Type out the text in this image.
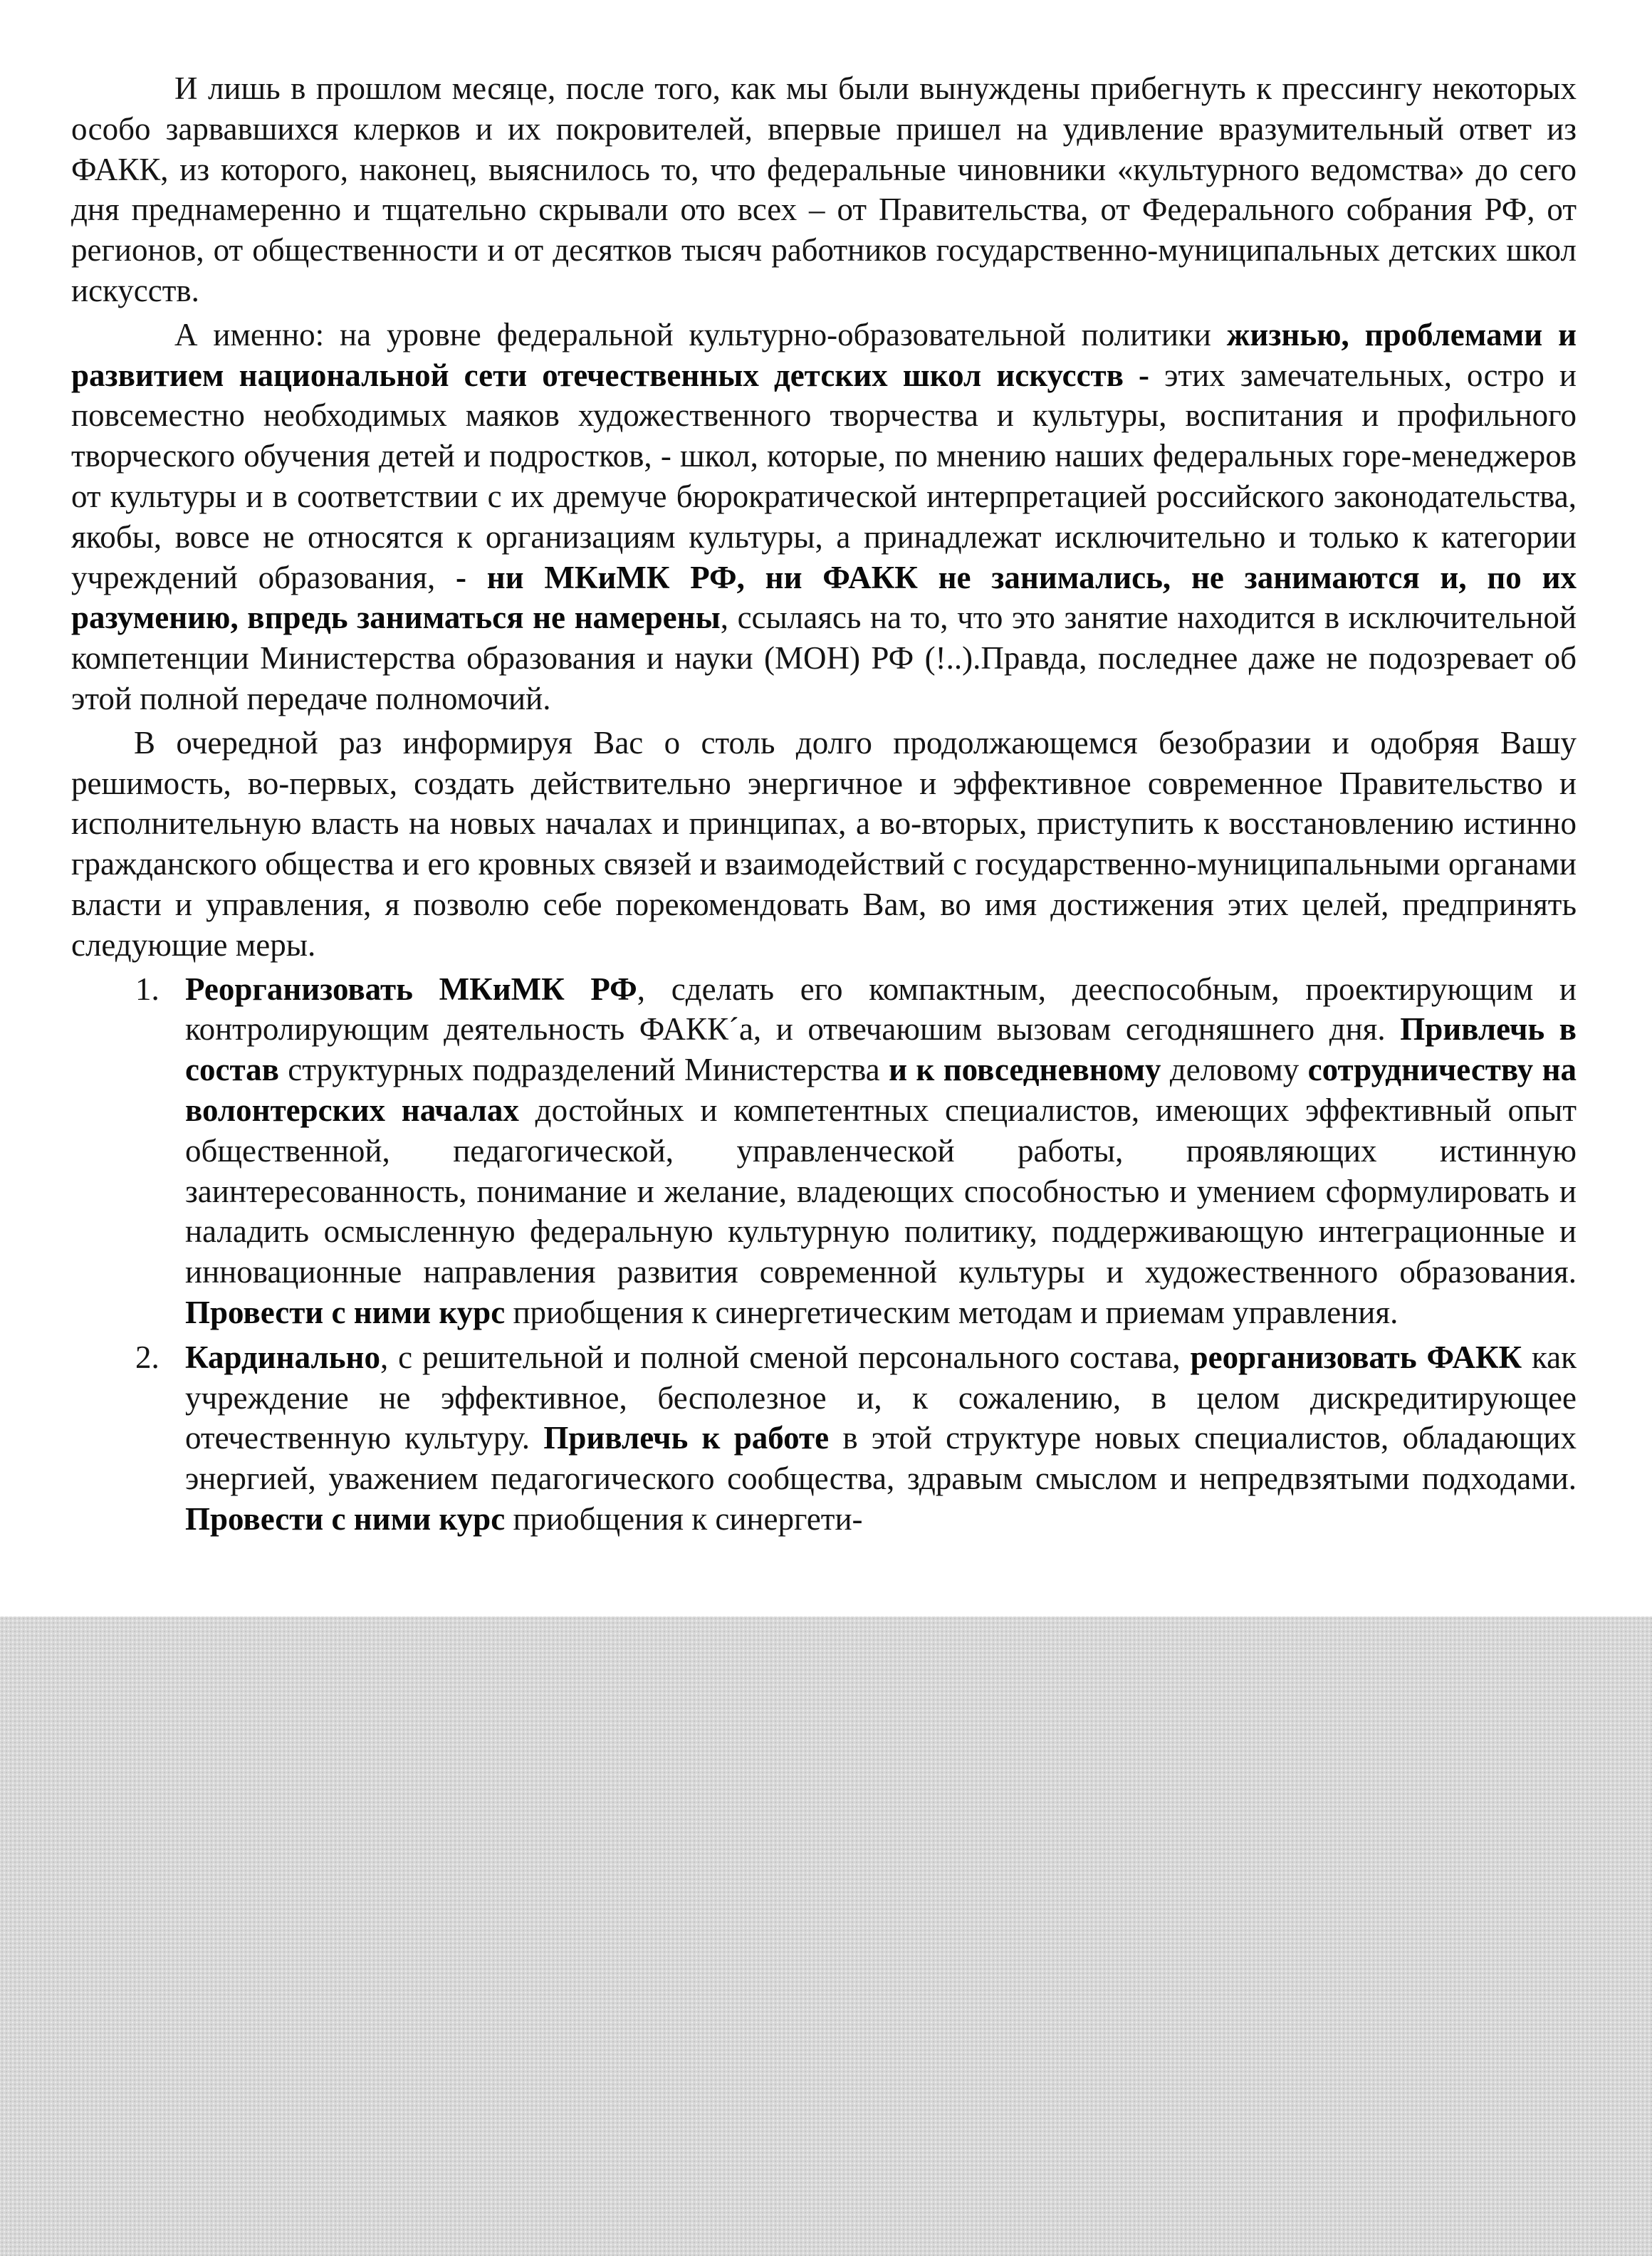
И лишь в прошлом месяце, после того, как мы были вынуждены прибегнуть к прессингу некоторых особо зарвавшихся клерков и их покровителей, впервые пришел на удивление вразумительный ответ из ФАКК, из которого, наконец, выяснилось то, что федеральные чиновники «культурного ведомства» до сего дня преднамеренно и тщательно скрывали ото всех – от Правительства, от Федерального собрания РФ, от регионов, от общественности и от десятков тысяч работников государственно-муниципальных детских школ искусств.

А именно: на уровне федеральной культурно-образовательной политики жизнью, проблемами и развитием национальной сети отечественных детских школ искусств - этих замечательных, остро и повсеместно необходимых маяков художественного творчества и культуры, воспитания и профильного творческого обучения детей и подростков, - школ, которые, по мнению наших федеральных горе-менеджеров от культуры и в соответствии с их дремуче бюрократической интерпретацией российского законодательства, якобы, вовсе не относятся к организациям культуры, а принадлежат исключительно и только к категории учреждений образования, - ни МКиМК РФ, ни ФАКК не занимались, не занимаются и, по их разумению, впредь заниматься не намерены, ссылаясь на то, что это занятие находится в исключительной компетенции Министерства образования и науки (МОН) РФ (!..).Правда, последнее даже не подозревает об этой полной передаче полномочий.

В очередной раз информируя Вас о столь долго продолжающемся безобразии и одобряя Вашу решимость, во-первых, создать действительно энергичное и эффективное современное Правительство и исполнительную власть на новых началах и принципах, а во-вторых, приступить к восстановлению истинно гражданского общества и его кровных связей и взаимодействий с государственно-муниципальными органами власти и управления, я позволю себе порекомендовать Вам, во имя достижения этих целей, предпринять следующие меры.

1. Реорганизовать МКиМК РФ, сделать его компактным, дееспособным, проектирующим и контролирующим деятельность ФАКК´а, и отвечаюшим вызовам сегодняшнего дня. Привлечь в состав структурных подразделений Министерства и к повседневному деловому сотрудничеству на волонтерских началах достойных и компетентных специалистов, имеющих эффективный опыт общественной, педагогической, управленческой работы, проявляющих истинную заинтересованность, понимание и желание, владеющих способностью и умением сформулировать и наладить осмысленную федеральную культурную политику, поддерживающую интеграционные и инновационные направления развития современной культуры и художественного образования. Провести с ними курс приобщения к синергетическим методам и приемам управления.
2. Кардинально, с решительной и полной сменой персонального состава, реорганизовать ФАКК как учреждение не эффективное, бесполезное и, к сожалению, в целом дискредитирующее отечественную культуру. Привлечь к работе в этой структуре новых специалистов, обладающих энергией, уважением педагогического сообщества, здравым смыслом и непредвзятыми подходами. Провести с ними курс приобщения к синергети-
